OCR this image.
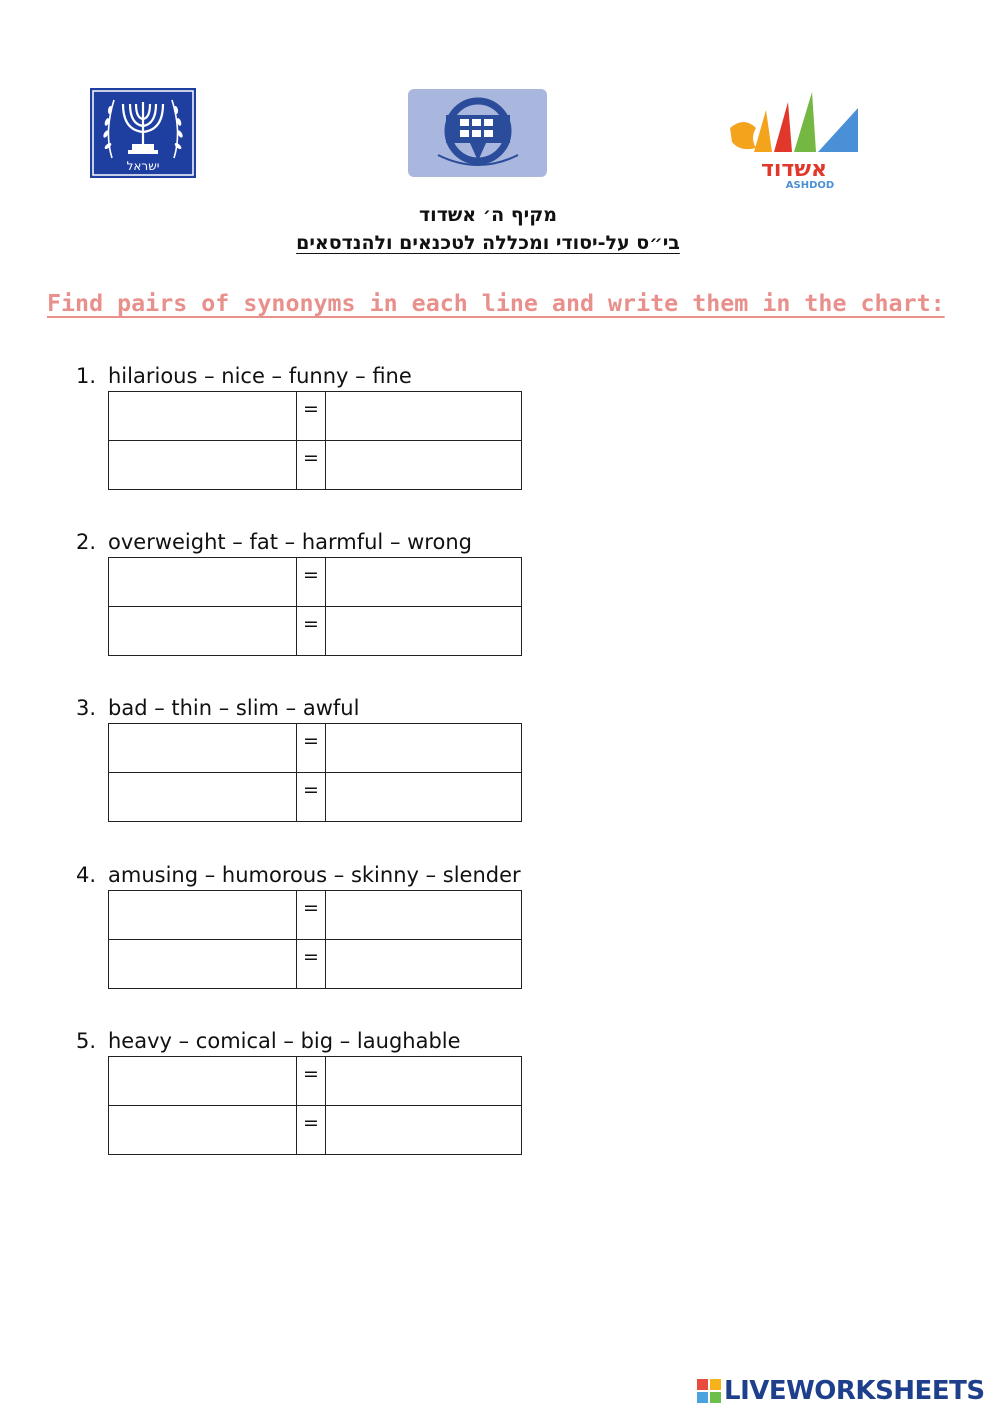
ישראל	אשדוד
ASHDOD
מקיף ה׳ אשדוד
בי״ס על-יסודי ומכללה לטכנאים ולהנדסאים

Find pairs of synonyms in each line and write them in the chart:

1. hilarious – nice – funny – fine
	=	
	=	
2. overweight – fat – harmful – wrong
	=	
	=	
3. bad – thin – slim – awful
	=	
	=	
4. amusing – humorous – skinny – slender
	=	
	=	
5. heavy – comical – big – laughable
	=	
	=	
LIVEWORKSHEETS
